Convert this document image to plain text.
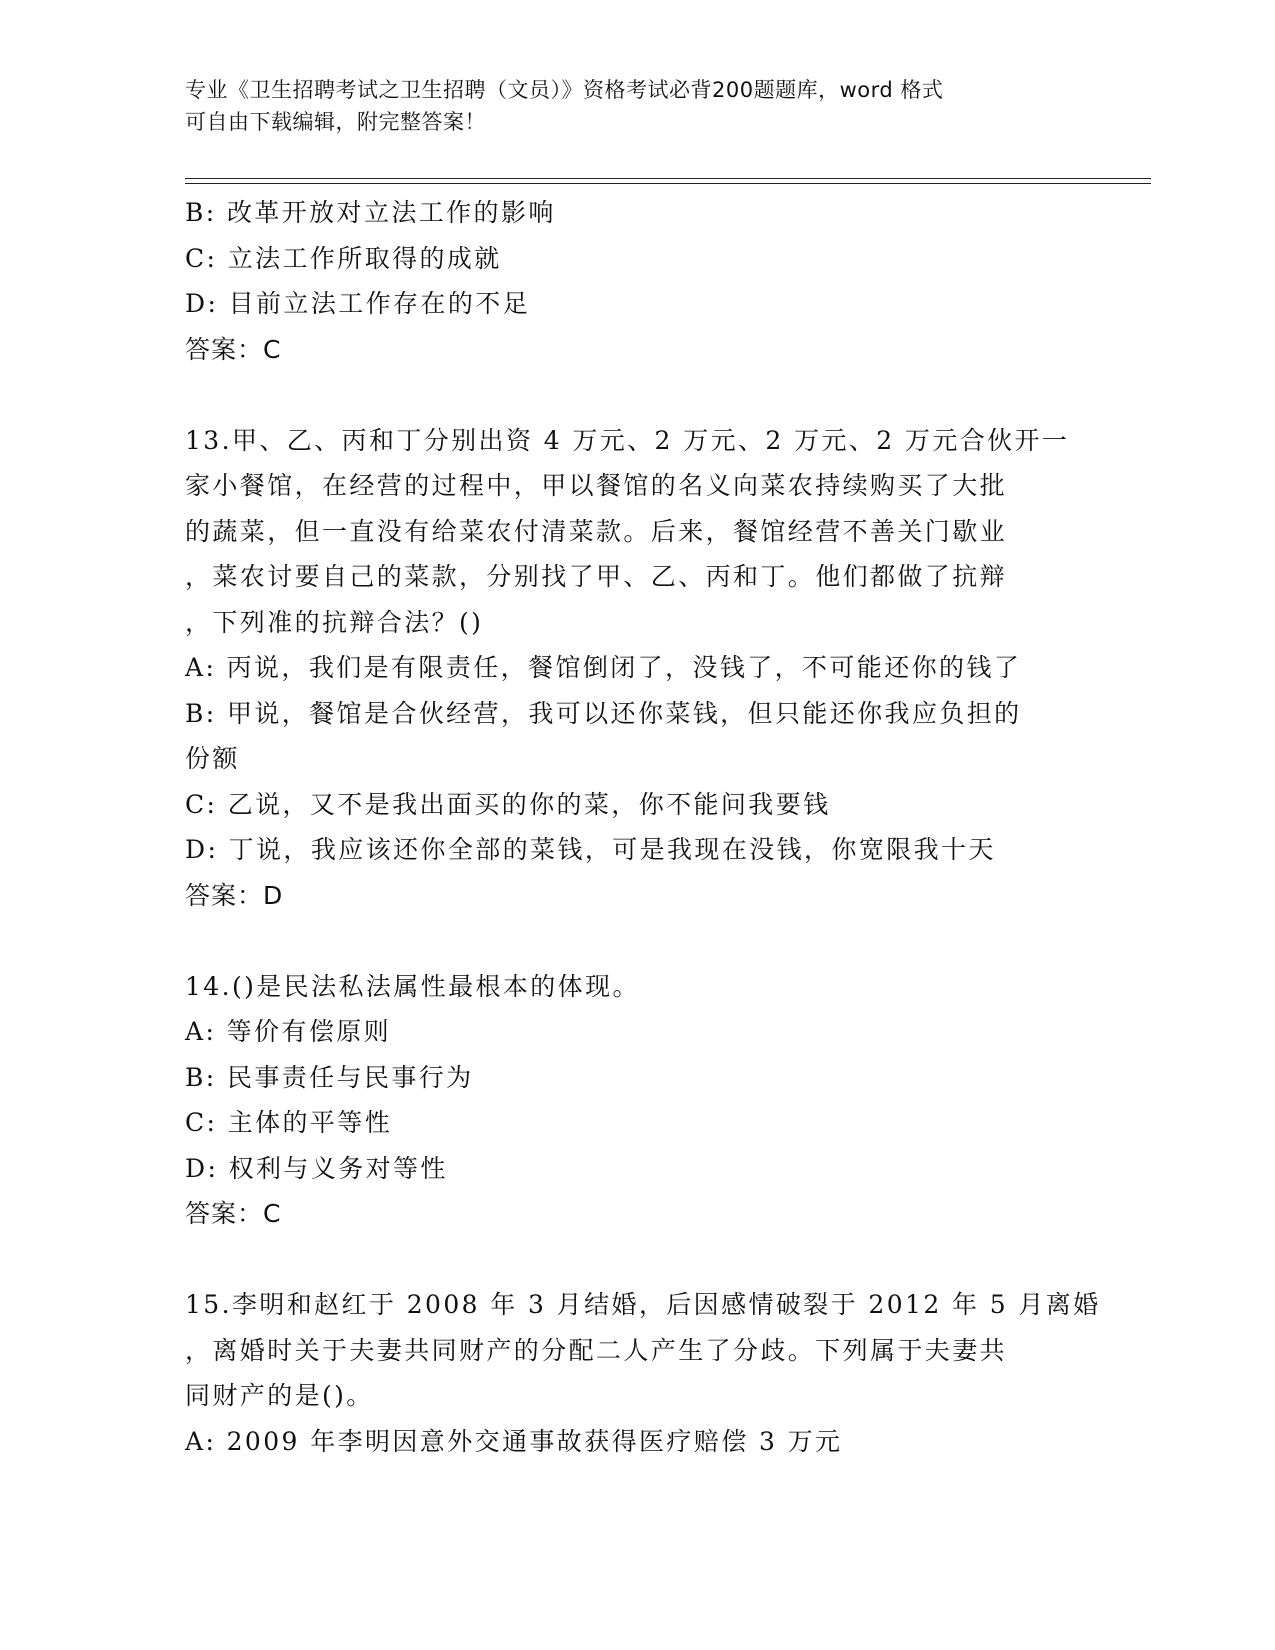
专业《卫生招聘考试之卫生招聘（文员）》资格考试必背200题题库，word 格式
可自由下载编辑，附完整答案！
B: 改革开放对立法工作的影响
C: 立法工作所取得的成就
D: 目前立法工作存在的不足
答案：C
13.甲、乙、丙和丁分别出资 4 万元、2 万元、2 万元、2 万元合伙开一
家小餐馆，在经营的过程中，甲以餐馆的名义向菜农持续购买了大批
的蔬菜，但一直没有给菜农付清菜款。后来，餐馆经营不善关门歇业
，菜农讨要自己的菜款，分别找了甲、乙、丙和丁。他们都做了抗辩
，下列准的抗辩合法？()
A: 丙说，我们是有限责任，餐馆倒闭了，没钱了，不可能还你的钱了
B: 甲说，餐馆是合伙经营，我可以还你菜钱，但只能还你我应负担的
份额
C: 乙说，又不是我出面买的你的菜，你不能问我要钱
D: 丁说，我应该还你全部的菜钱，可是我现在没钱，你宽限我十天
答案：D
14.()是民法私法属性最根本的体现。
A: 等价有偿原则
B: 民事责任与民事行为
C: 主体的平等性
D: 权利与义务对等性
答案：C
15.李明和赵红于 2008 年 3 月结婚，后因感情破裂于 2012 年 5 月离婚
，离婚时关于夫妻共同财产的分配二人产生了分歧。下列属于夫妻共
同财产的是()。
A: 2009 年李明因意外交通事故获得医疗赔偿 3 万元
